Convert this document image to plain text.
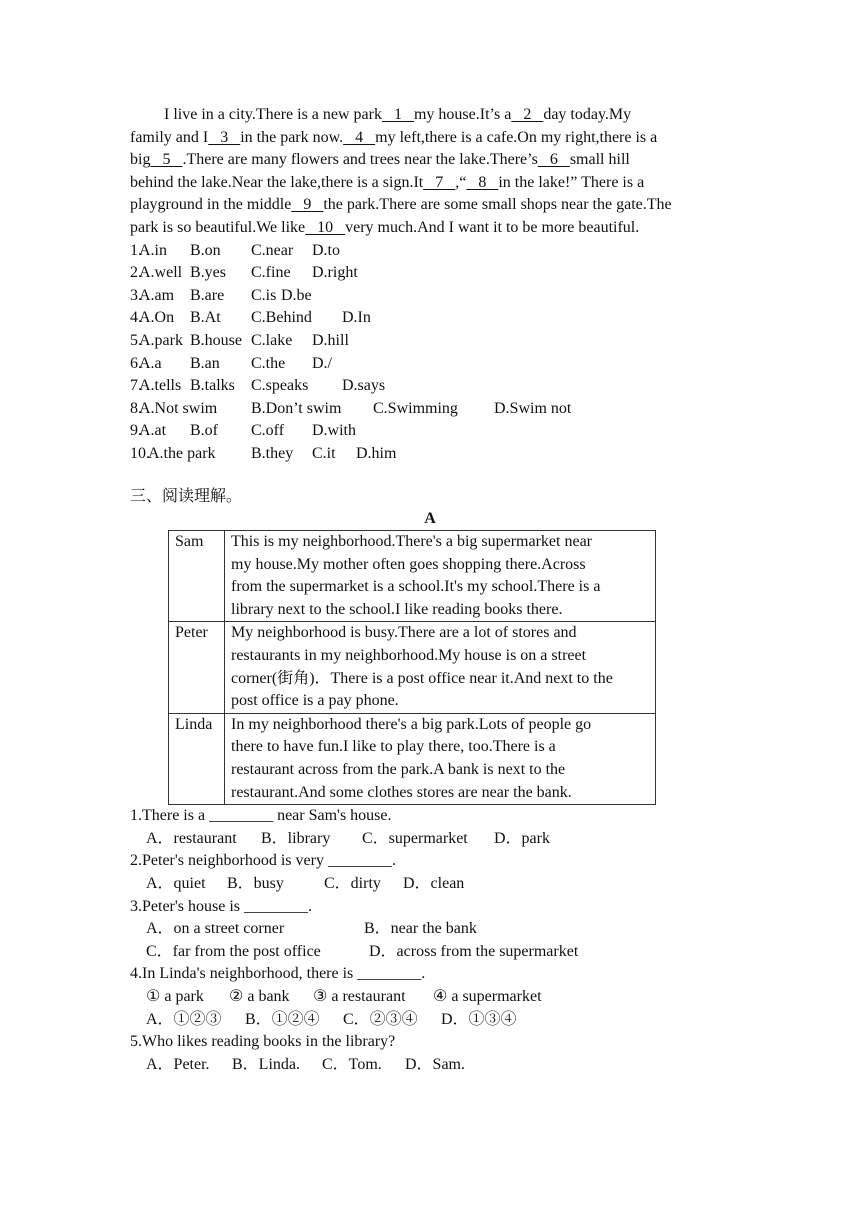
I live in a city.There is a new park   1   my house.It’s a   2   day today.My
family and I   3   in the park now.   4   my left,there is a cafe.On my right,there is a
big   5   .There are many flowers and trees near the lake.There’s   6   small hill
behind the lake.Near the lake,there is a sign.It   7   ,“   8   in the lake!” There is a
playground in the middle   9   the park.There are some small shops near the gate.The
park is so beautiful.We like   10   very much.And I want it to be more beautiful.
1.
A.in B.on C.near D.to
2.
A.well B.yes C.fine D.right
3.
A.am B.are C.is D.be
4.
A.On B.At C.Behind D.In
5.
A.park B.house C.lake D.hill
6.
A.a B.an C.the D./
7.
A.tells B.talks C.speaks D.says
8.
A.Not swim B.Don’t swim C.Swimming D.Swim not
9.
A.at B.of C.off D.with
10.
A.the park B.they C.it D.him
三、阅读理解。
A
Sam	This is my neighborhood.There's a big supermarket near
my house.My mother often goes shopping there.Across
from the supermarket is a school.It's my school.There is a
library next to the school.I like reading books there.

Peter	My neighborhood is busy.There are a lot of stores and
restaurants in my neighborhood.My house is on a street
corner(街角)．There is a post office near it.And next to the
post office is a pay phone.

Linda	In my neighborhood there's a big park.Lots of people go
there to have fun.I like to play there, too.There is a
restaurant across from the park.A bank is next to the
restaurant.And some clothes stores are near the bank.
1.There is a ________ near Sam's house.
A．restaurant B．library C．supermarket D．park
2.Peter's neighborhood is very ________.
A．quiet B．busy	C．dirty D．clean
3.Peter's house is ________.
A．on a street corner	B．near the bank
C．far from the post office	D．across from the supermarket
4.In Linda's neighborhood, there is ________.
① a park ② a bank ③ a restaurant ④ a supermarket
A．①②③ B．①②④ C．②③④ D．①③④
5.Who likes reading books in the library?
A．Peter. B．Linda. C．Tom. D．Sam.
